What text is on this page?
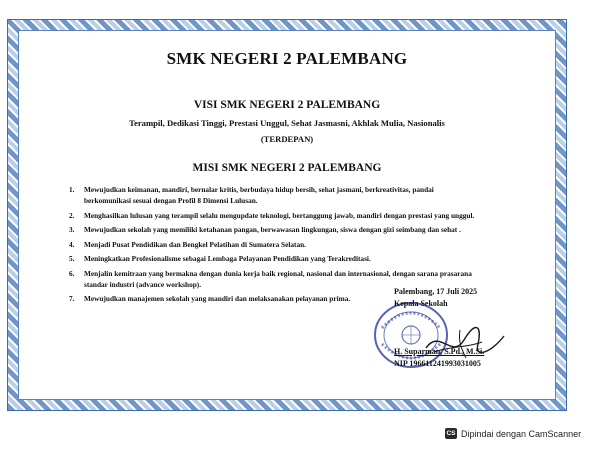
SMK NEGERI 2 PALEMBANG
VISI SMK NEGERI 2 PALEMBANG
Terampil, Dedikasi Tinggi, Prestasi Unggul, Sehat Jasmasni, Akhlak Mulia, Nasionalis
(TERDEPAN)
MISI SMK NEGERI 2 PALEMBANG
1. Mewujudkan keimanan, mandiri, bernalar kritis, berbudaya hidup bersih, sehat jasmani, berkreativitas, pandai
berkomunikasi sesuai dengan Profil 8 Dimensi Lulusan.
2. Menghasilkan lulusan yang terampil selalu mengupdate teknologi, bertanggung jawab, mandiri dengan prestasi yang unggul.
3. Mewujudkan sekolah yang memiliki ketahanan pangan, berwawasan lingkungan, siswa dengan gizi seimbang dan sehat .
4. Menjadi Pusat Pendidikan dan Bengkel Pelatihan di Sumatera Selatan.
5. Meningkatkan Profesionalisme sebagai Lembaga Pelayanan Pendidikan yang Terakreditasi.
6. Menjalin kemitraan yang bermakna dengan dunia kerja baik regional, nasional dan internasional, dengan sarana prasarana
standar industri (advance workshop).
7. Mewujudkan manajemen sekolah yang mandiri dan melaksanakan pelayanan prima.
Palembang, 17 Juli 2025
Kepala Sekolah
H. Suparman, S.Pd., M.Si.
NIP 196611241993031005
CS Dipindai dengan CamScanner
